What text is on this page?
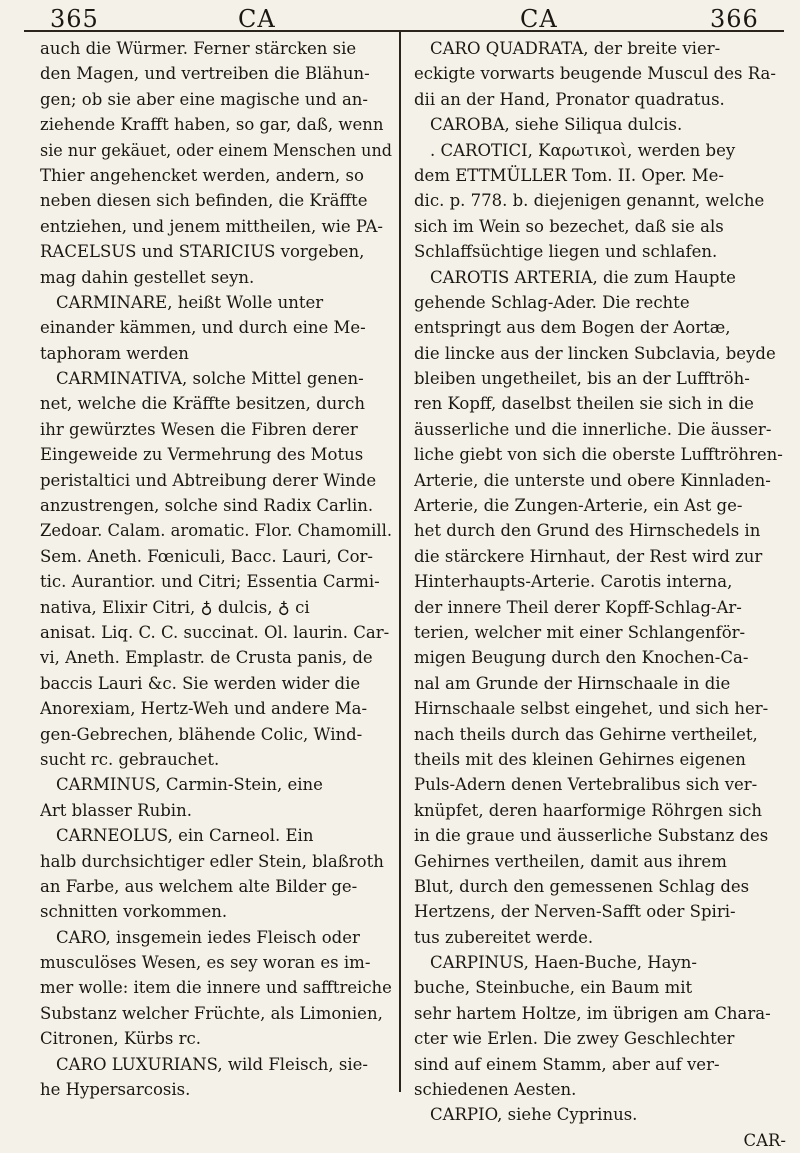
365	CA	CA	366
auch die Würmer. Ferner stärcken sie
den Magen, und vertreiben die Blähun-
gen; ob sie aber eine magische und an-
ziehende Krafft haben, so gar, daß, wenn
sie nur gekäuet, oder einem Menschen und
Thier angehencket werden, andern, so
neben diesen sich befinden, die Kräffte
entziehen, und jenem mittheilen, wie PA-
RACELSUS und STARICIUS vorgeben,
mag dahin gestellet seyn.
CARMINARE, heißt Wolle unter
einander kämmen, und durch eine Me-
taphoram werden
CARMINATIVA, solche Mittel genen-
net, welche die Kräffte besitzen, durch
ihr gewürztes Wesen die Fibren derer
Eingeweide zu Vermehrung des Motus
peristaltici und Abtreibung derer Winde
anzustrengen, solche sind Radix Carlin.
Zedoar. Calam. aromatic. Flor. Chamomill.
Sem. Aneth. Fœniculi, Bacc. Lauri, Cor-
tic. Aurantior. und Citri; Essentia Carmi-
nativa, Elixir Citri, ♁ dulcis, ♁ ci
anisat. Liq. C. C. succinat. Ol. laurin. Car-
vi, Aneth. Emplastr. de Crusta panis, de
baccis Lauri &c. Sie werden wider die
Anorexiam, Hertz-Weh und andere Ma-
gen-Gebrechen, blähende Colic, Wind-
sucht rc. gebrauchet.
CARMINUS, Carmin-Stein, eine
Art blasser Rubin.
CARNEOLUS, ein Carneol. Ein
halb durchsichtiger edler Stein, blaßroth
an Farbe, aus welchem alte Bilder ge-
schnitten vorkommen.
CARO, insgemein iedes Fleisch oder
musculöses Wesen, es sey woran es im-
mer wolle: item die innere und safftreiche
Substanz welcher Früchte, als Limonien,
Citronen, Kürbs rc.
CARO LUXURIANS, wild Fleisch, sie-
he Hypersarcosis.
CARO QUADRATA, der breite vier-
eckigte vorwarts beugende Muscul des Ra-
dii an der Hand, Pronator quadratus.
CAROBA, siehe Siliqua dulcis.
. CAROTICI, Καρωτικοὶ, werden bey
dem ETTMÜLLER Tom. II. Oper. Me-
dic. p. 778. b. diejenigen genannt, welche
sich im Wein so bezechet, daß sie als
Schlaffsüchtige liegen und schlafen.
CAROTIS ARTERIA, die zum Haupte
gehende Schlag-Ader. Die rechte
entspringt aus dem Bogen der Aortæ,
die lincke aus der lincken Subclavia, beyde
bleiben ungetheilet, bis an der Lufftröh-
ren Kopff, daselbst theilen sie sich in die
äusserliche und die innerliche. Die äusser-
liche giebt von sich die oberste Lufftröhren-
Arterie, die unterste und obere Kinnladen-
Arterie, die Zungen-Arterie, ein Ast ge-
het durch den Grund des Hirnschedels in
die stärckere Hirnhaut, der Rest wird zur
Hinterhaupts-Arterie. Carotis interna,
der innere Theil derer Kopff-Schlag-Ar-
terien, welcher mit einer Schlangenför-
migen Beugung durch den Knochen-Ca-
nal am Grunde der Hirnschaale in die
Hirnschaale selbst eingehet, und sich her-
nach theils durch das Gehirne vertheilet,
theils mit des kleinen Gehirnes eigenen
Puls-Adern denen Vertebralibus sich ver-
knüpfet, deren haarformige Röhrgen sich
in die graue und äusserliche Substanz des
Gehirnes vertheilen, damit aus ihrem
Blut, durch den gemessenen Schlag des
Hertzens, der Nerven-Safft oder Spiri-
tus zubereitet werde.
CARPINUS, Haen-Buche, Hayn-
buche, Steinbuche, ein Baum mit
sehr hartem Holtze, im übrigen am Chara-
cter wie Erlen. Die zwey Geschlechter
sind auf einem Stamm, aber auf ver-
schiedenen Aesten.
CARPIO, siehe Cyprinus.
CAR-
